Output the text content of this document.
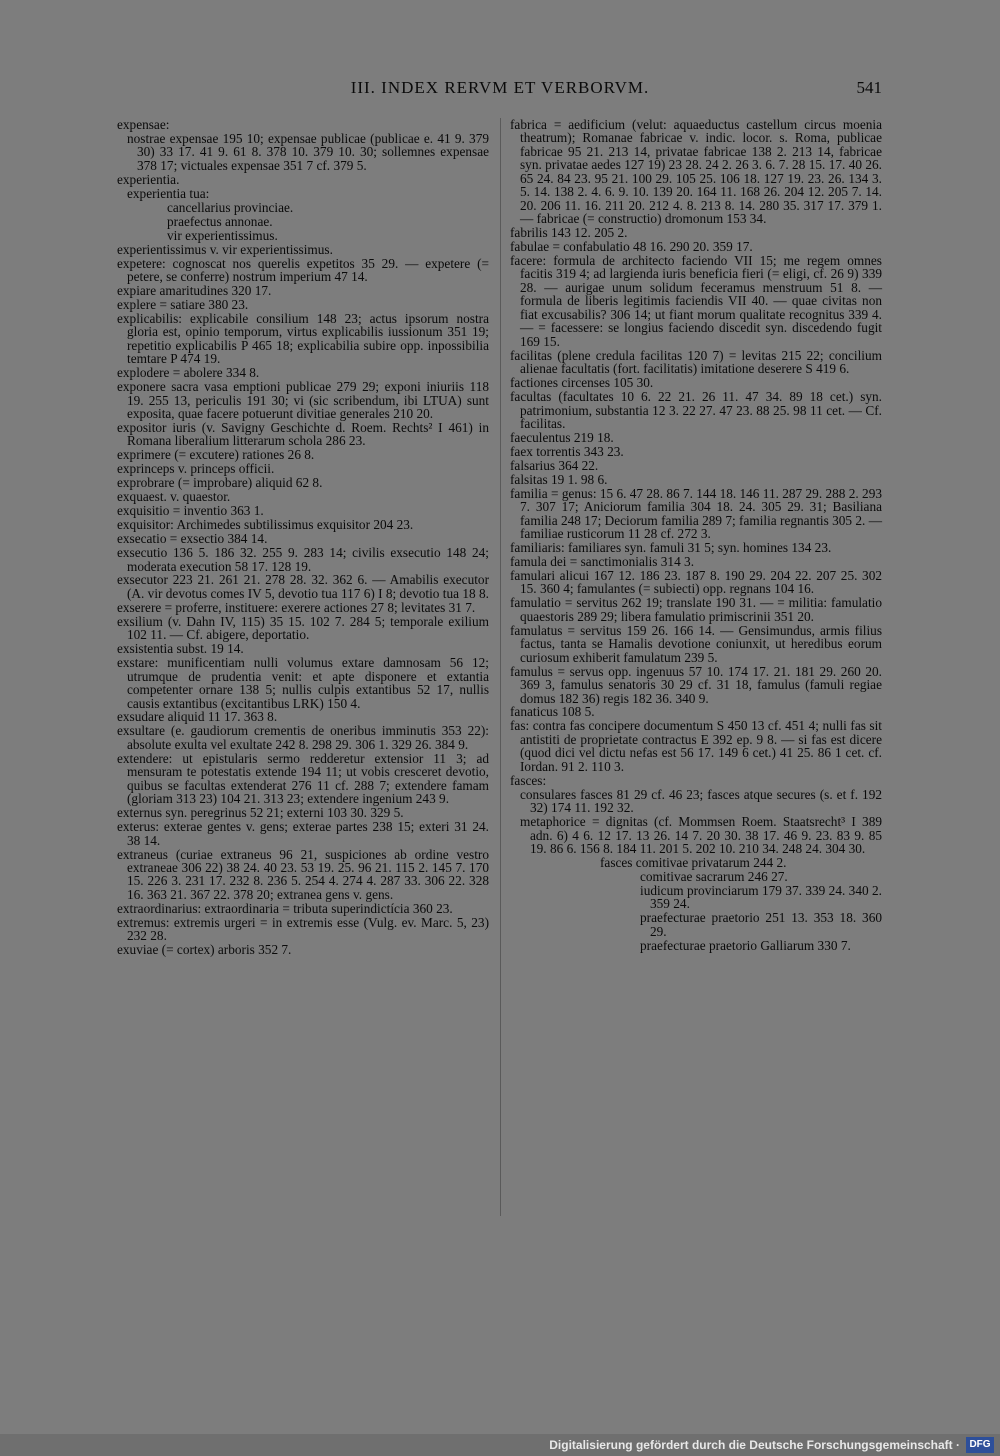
III. INDEX RERVM ET VERBORVM.	541

expensae:

nostrae expensae 195 10; expensae publicae (publicae e. 41 9. 379 30) 33 17. 41 9. 61 8. 378 10. 379 10. 30; sollemnes expensae 378 17; victuales expensae 351 7 cf. 379 5.

experientia.

experientia tua:

cancellarius provinciae.

praefectus annonae.

vir experientissimus.

experientissimus v. vir experientissimus.

expetere: cognoscat nos querelis expetitos 35 29. — expetere (= petere, se conferre) nostrum imperium 47 14.

expiare amaritudines 320 17.

explere = satiare 380 23.

explicabilis: explicabile consilium 148 23; actus ipsorum nostra gloria est, opinio temporum, virtus explicabilis iussionum 351 19; repetitio explicabilis P 465 18; explicabilia subire opp. inpossibilia temtare P 474 19.

explodere = abolere 334 8.

exponere sacra vasa emptioni publicae 279 29; exponi iniuriis 118 19. 255 13, periculis 191 30; vi (sic scribendum, ibi LTUA) sunt exposita, quae facere potuerunt divitiae generales 210 20.

expositor iuris (v. Savigny Geschichte d. Roem. Rechts² I 461) in Romana liberalium litterarum schola 286 23.

exprimere (= excutere) rationes 26 8.

exprinceps v. princeps officii.

exprobrare (= improbare) aliquid 62 8.

exquaest. v. quaestor.

exquisitio = inventio 363 1.

exquisitor: Archimedes subtilissimus exquisitor 204 23.

exsecatio = exsectio 384 14.

exsecutio 136 5. 186 32. 255 9. 283 14; civilis exsecutio 148 24; moderata execution 58 17. 128 19.

exsecutor 223 21. 261 21. 278 28. 32. 362 6. — Amabilis executor (A. vir devotus comes IV 5, devotio tua 117 6) I 8; devotio tua 18 8.

exserere = proferre, instituere: exerere actiones 27 8; levitates 31 7.

exsilium (v. Dahn IV, 115) 35 15. 102 7. 284 5; temporale exilium 102 11. — Cf. abigere, deportatio.

exsistentia subst. 19 14.

exstare: munificentiam nulli volumus extare damnosam 56 12; utrumque de prudentia venit: et apte disponere et extantia competenter ornare 138 5; nullis culpis extantibus 52 17, nullis causis extantibus (excitantibus LRK) 150 4.

exsudare aliquid 11 17. 363 8.

exsultare (e. gaudiorum crementis de oneribus imminutis 353 22): absolute exulta vel exultate 242 8. 298 29. 306 1. 329 26. 384 9.

extendere: ut epistularis sermo redderetur extensior 11 3; ad mensuram te potestatis extende 194 11; ut vobis cresceret devotio, quibus se facultas extenderat 276 11 cf. 288 7; extendere famam (gloriam 313 23) 104 21. 313 23; extendere ingenium 243 9.

externus syn. peregrinus 52 21; externi 103 30. 329 5.

exterus: exterae gentes v. gens; exterae partes 238 15; exteri 31 24. 38 14.

extraneus (curiae extraneus 96 21, suspiciones ab ordine vestro extraneae 306 22) 38 24. 40 23. 53 19. 25. 96 21. 115 2. 145 7. 170 15. 226 3. 231 17. 232 8. 236 5. 254 4. 274 4. 287 33. 306 22. 328 16. 363 21. 367 22. 378 20; extranea gens v. gens.

extraordinarius: extraordinaria = tributa superindictícia 360 23.

extremus: extremis urgeri = in extremis esse (Vulg. ev. Marc. 5, 23) 232 28.

exuviae (= cortex) arboris 352 7.

fabrica = aedificium (velut: aquaeductus castellum circus moenia theatrum); Romanae fabricae v. indic. locor. s. Roma, publicae fabricae 95 21. 213 14, privatae fabricae 138 2. 213 14, fabricae syn. privatae aedes 127 19) 23 28. 24 2. 26 3. 6. 7. 28 15. 17. 40 26. 65 24. 84 23. 95 21. 100 29. 105 25. 106 18. 127 19. 23. 26. 134 3. 5. 14. 138 2. 4. 6. 9. 10. 139 20. 164 11. 168 26. 204 12. 205 7. 14. 20. 206 11. 16. 211 20. 212 4. 8. 213 8. 14. 280 35. 317 17. 379 1. — fabricae (= constructio) dromonum 153 34.

fabrilis 143 12. 205 2.

fabulae = confabulatio 48 16. 290 20. 359 17.

facere: formula de architecto faciendo VII 15; me regem omnes facitis 319 4; ad largienda iuris beneficia fieri (= eligi, cf. 26 9) 339 28. — aurigae unum solidum feceramus menstruum 51 8. — formula de liberis legitimis faciendis VII 40. — quae civitas non fiat excusabilis? 306 14; ut fiant morum qualitate recognitus 339 4. — = facessere: se longius faciendo discedit syn. discedendo fugit 169 15.

facilitas (plene credula facilitas 120 7) = levitas 215 22; concilium alienae facultatis (fort. facilitatis) imitatione deserere S 419 6.

factiones circenses 105 30.

facultas (facultates 10 6. 22 21. 26 11. 47 34. 89 18 cet.) syn. patrimonium, substantia 12 3. 22 27. 47 23. 88 25. 98 11 cet. — Cf. facilitas.

faeculentus 219 18.

faex torrentis 343 23.

falsarius 364 22.

falsitas 19 1. 98 6.

familia = genus: 15 6. 47 28. 86 7. 144 18. 146 11. 287 29. 288 2. 293 7. 307 17; Aniciorum familia 304 18. 24. 305 29. 31; Basiliana familia 248 17; Deciorum familia 289 7; familia regnantis 305 2. — familiae rusticorum 11 28 cf. 272 3.

familiaris: familiares syn. famuli 31 5; syn. homines 134 23.

famula dei = sanctimonialis 314 3.

famulari alicui 167 12. 186 23. 187 8. 190 29. 204 22. 207 25. 302 15. 360 4; famulantes (= subiecti) opp. regnans 104 16.

famulatio = servitus 262 19; translate 190 31. — = militia: famulatio quaestoris 289 29; libera famulatio primiscrinii 351 20.

famulatus = servitus 159 26. 166 14. — Gensimundus, armis filius factus, tanta se Hamalis devotione coniunxit, ut heredibus eorum curiosum exhiberit famulatum 239 5.

famulus = servus opp. ingenuus 57 10. 174 17. 21. 181 29. 260 20. 369 3, famulus senatoris 30 29 cf. 31 18, famulus (famuli regiae domus 182 36) regis 182 36. 340 9.

fanaticus 108 5.

fas: contra fas concipere documentum S 450 13 cf. 451 4; nulli fas sit antistiti de proprietate contractus E 392 ep. 9 8. — si fas est dicere (quod dici vel dictu nefas est 56 17. 149 6 cet.) 41 25. 86 1 cet. cf. Iordan. 91 2. 110 3.

fasces:

consulares fasces 81 29 cf. 46 23; fasces atque secures (s. et f. 192 32) 174 11. 192 32.

metaphorice = dignitas (cf. Mommsen Roem. Staatsrecht³ I 389 adn. 6) 4 6. 12 17. 13 26. 14 7. 20 30. 38 17. 46 9. 23. 83 9. 85 19. 86 6. 156 8. 184 11. 201 5. 202 10. 210 34. 248 24. 304 30.

fasces comitivae privatarum 244 2.

comitivae sacrarum 246 27.

iudicum provinciarum 179 37. 339 24. 340 2. 359 24.

praefecturae praetorio 251 13. 353 18. 360 29.

praefecturae praetorio Galliarum 330 7.

Digitalisierung gefördert durch die Deutsche Forschungsgemeinschaft · DFG
